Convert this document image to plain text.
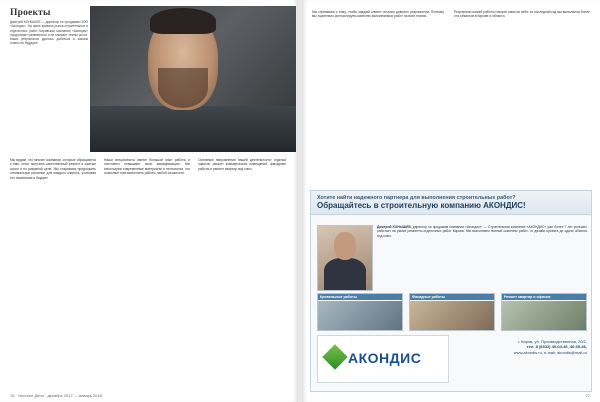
Проекты

Дмитрий КОНЫШЕВ — директор по продажам ООО «Акондис». На фоне кризиса рынка строительных и отделочных работ Кировская компания «Акондис» продолжает развиваться и не снижает темпы роста. Каких результатов удалось добиться и каковы планы на будущее.

Мы видим, что многие компании, которые обращаются к нам, хотят получить качественный ремонт в сжатые сроки и по разумной цене. Мы стараемся предложить оптимальное решение для каждого клиента, учитывая его пожелания и бюджет.

Наши специалисты имеют большой опыт работы и постоянно повышают свою квалификацию. Мы используем современные материалы и технологии, что позволяет нам выполнять работы любой сложности.

Основные направления нашей деятельности: отделка офисов, ремонт коммерческих помещений, фасадные работы и ремонт квартир под ключ.

76 · Честное Дело · декабрь 2017 — январь 2018

Мы стремимся к тому, чтобы каждый клиент остался доволен результатом. Поэтому мы тщательно контролируем качество выполняемых работ на всех этапах.

Результаты нашей работы говорят сами за себя: за последний год мы выполнили более ста объектов в Кирове и области.

Хотите найти надежного партнера для выполнения строительных работ?
Обращайтесь в строительную компанию АКОНДИС!
Дмитрий КОНЫШЕВ, директор по продажам компании «Акондис»: — Строительная компания «АКОНДИС» уже более 7 лет успешно работает на рынке ремонтно-отделочных работ Кирова. Мы выполняем полный комплекс работ: от дизайн-проекта до сдачи объекта под ключ.
Кровельные работы	Фасадные работы	Ремонт квартир и офисов
АКОНДИС
г. Киров, ул. Производственная, 20/2,
тел. 8 (8332) 40-04-46, 40-05-46,
www.akondis.ru, e-mail: akondis@mail.ru
77
